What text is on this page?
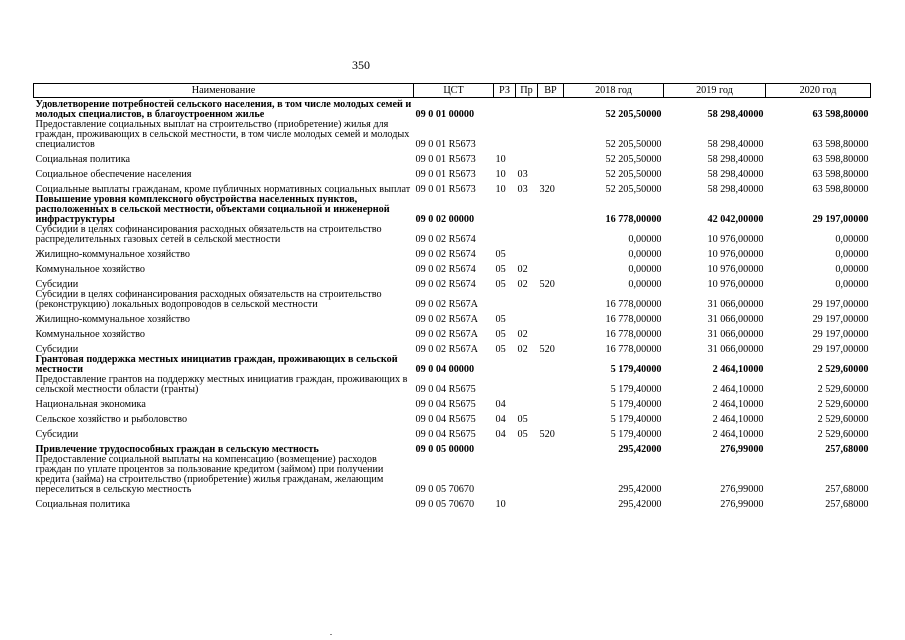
350
Наименование	ЦСТ	РЗ	Пр	ВР	2018 год	2019 год	2020 год
Удовлетворение потребностей сельского населения, в том числе молодых семей и молодых специалистов, в благоустроенном жилье	09 0 01 00000				52 205,50000	58 298,40000	63 598,80000
Предоставление социальных выплат на строительство (приобретение) жилья для граждан, проживающих в сельской местности, в том числе молодых семей и молодых специалистов	09 0 01 R5673				52 205,50000	58 298,40000	63 598,80000
Социальная политика	09 0 01 R5673	10			52 205,50000	58 298,40000	63 598,80000
Социальное обеспечение населения	09 0 01 R5673	10	03		52 205,50000	58 298,40000	63 598,80000
Социальные выплаты гражданам, кроме публичных нормативных социальных выплат	09 0 01 R5673	10	03	320	52 205,50000	58 298,40000	63 598,80000
Повышение уровня комплексного обустройства населенных пунктов, расположенных в сельской местности, объектами социальной и инженерной инфраструктуры	09 0 02 00000				16 778,00000	42 042,00000	29 197,00000
Субсидии в целях софинансирования расходных обязательств на строительство распределительных газовых сетей в сельской местности	09 0 02 R5674				0,00000	10 976,00000	0,00000
Жилищно-коммунальное хозяйство	09 0 02 R5674	05			0,00000	10 976,00000	0,00000
Коммунальное хозяйство	09 0 02 R5674	05	02		0,00000	10 976,00000	0,00000
Субсидии	09 0 02 R5674	05	02	520	0,00000	10 976,00000	0,00000
Субсидии в целях софинансирования расходных обязательств на строительство (реконструкцию) локальных водопроводов в сельской местности	09 0 02 R567A				16 778,00000	31 066,00000	29 197,00000
Жилищно-коммунальное хозяйство	09 0 02 R567A	05			16 778,00000	31 066,00000	29 197,00000
Коммунальное хозяйство	09 0 02 R567A	05	02		16 778,00000	31 066,00000	29 197,00000
Субсидии	09 0 02 R567A	05	02	520	16 778,00000	31 066,00000	29 197,00000
Грантовая поддержка местных инициатив граждан, проживающих в сельской местности	09 0 04 00000				5 179,40000	2 464,10000	2 529,60000
Предоставление грантов на поддержку местных инициатив граждан, проживающих в сельской местности области (гранты)	09 0 04 R5675				5 179,40000	2 464,10000	2 529,60000
Национальная экономика	09 0 04 R5675	04			5 179,40000	2 464,10000	2 529,60000
Сельское хозяйство и рыболовство	09 0 04 R5675	04	05		5 179,40000	2 464,10000	2 529,60000
Субсидии	09 0 04 R5675	04	05	520	5 179,40000	2 464,10000	2 529,60000
Привлечение трудоспособных граждан в сельскую местность	09 0 05 00000				295,42000	276,99000	257,68000
Предоставление социальной выплаты на компенсацию (возмещение) расходов граждан по уплате процентов за пользование кредитом (займом) при получении кредита (займа) на строительство (приобретение) жилья гражданам, желающим переселиться в сельскую местность	09 0 05 70670				295,42000	276,99000	257,68000
Социальная политика	09 0 05 70670	10			295,42000	276,99000	257,68000
